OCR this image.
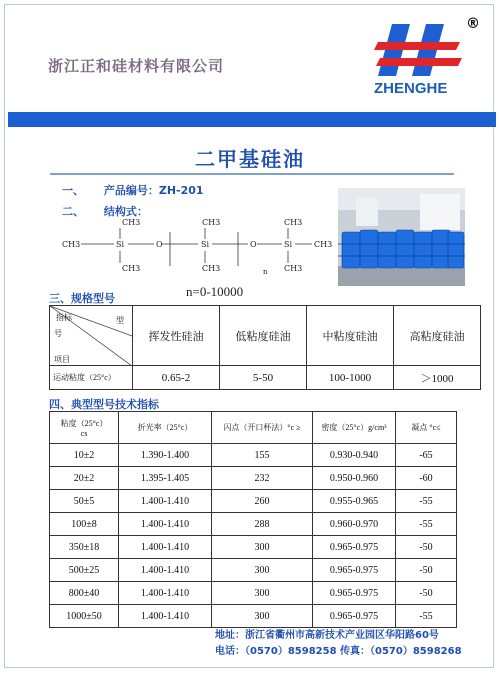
浙江正和硅材料有限公司
®
ZHENGHE
二甲基硅油
一、 产品编号：ZH-201
二、 结构式：
CH3	CH3	CH3
CH3	Si	O	Si	O	Si	CH3
CH3	CH3	CH3
n
n=0-10000
三、规格型号
指标 型
号
项目	挥发性硅油	低粘度硅油	中粘度硅油	高粘度硅油
运动粘度（25°c）	0.65-2	5-50	100-1000	＞1000
四、典型型号技术指标
粘度（25°c）
cs	折光率（25°c）	闪点（开口杯法）°c ≥	密度（25°c）g/cm³	凝点 °c≤
10±2	1.390-1.400	155	0.930-0.940	-65
20±2	1.395-1.405	232	0.950-0.960	-60
50±5	1.400-1.410	260	0.955-0.965	-55
100±8	1.400-1.410	288	0.960-0.970	-55
350±18	1.400-1.410	300	0.965-0.975	-50
500±25	1.400-1.410	300	0.965-0.975	-50
800±40	1.400-1.410	300	0.965-0.975	-50
1000±50	1.400-1.410	300	0.965-0.975	-55
地址：浙江省衢州市高新技术产业园区华阳路60号
电话：（0570）8598258 传真：（0570）8598268
